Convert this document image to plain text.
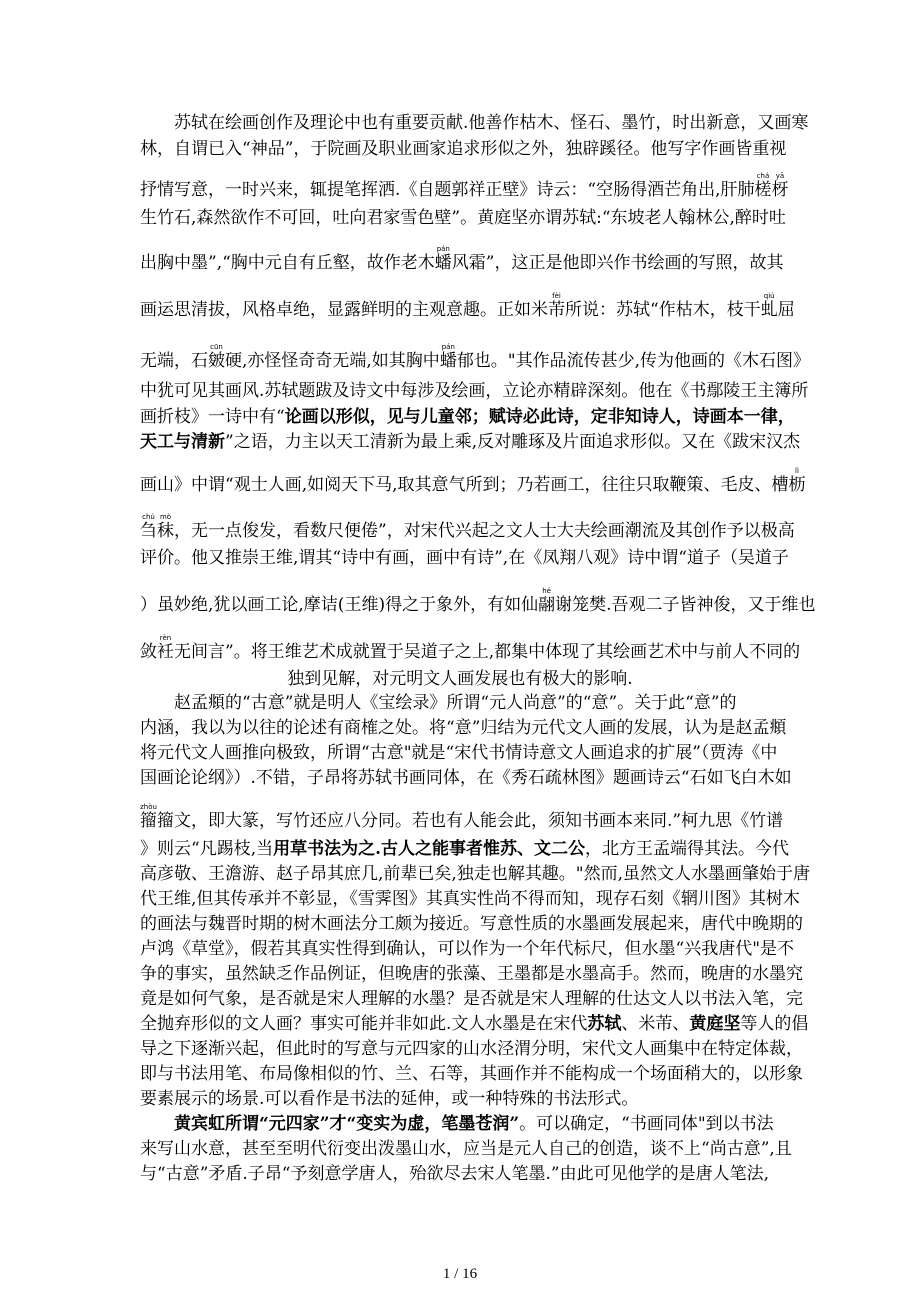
苏轼在绘画创作及理论中也有重要贡献.他善作枯木、怪石、墨竹，时出新意，又画寒
林，自谓已入“神品”，于院画及职业画家追求形似之外，独辟蹊径。他写字作画皆重视
抒情写意，一时兴来，辄提笔挥洒.《自题郭祥正壁》诗云：“空肠得酒芒角出,肝肺槎chá枒yā
生竹石,森然欲作不可回，吐向君家雪色壁”。黄庭坚亦谓苏轼:“东坡老人翰林公,醉时吐
出胸中墨”,“胸中元自有丘壑，故作老木蟠pán风霜”，这正是他即兴作书绘画的写照，故其
画运思清拔，风格卓绝，显露鲜明的主观意趣。正如米芾fèi所说：苏轼“作枯木，枝干虬qiú屈
无端，石皴cūn硬,亦怪怪奇奇无端,如其胸中蟠pán郁也。"其作品流传甚少,传为他画的《木石图》
中犹可见其画风.苏轼题跋及诗文中每涉及绘画，立论亦精辟深刻。他在《书鄢陵王主簿所
画折枝》一诗中有“论画以形似，见与儿童邻；赋诗必此诗，定非知诗人，诗画本一律，
天工与清新”之语，力主以天工清新为最上乘,反对雕琢及片面追求形似。又在《跋宋汉杰
画山》中谓“观士人画,如阅天下马,取其意气所到；乃若画工，往往只取鞭策、毛皮、槽枥lì
刍chú秣mò，无一点俊发，看数尺便倦”，对宋代兴起之文人士大夫绘画潮流及其创作予以极高
评价。他又推崇王维,谓其“诗中有画，画中有诗”,在《凤翔八观》诗中谓“道子（吴道子
）虽妙绝,犹以画工论,摩诘(王维)得之于象外，有如仙翮hé谢笼樊.吾观二子皆神俊，又于维也
敛衽rèn无间言”。将王维艺术成就置于吴道子之上,都集中体现了其绘画艺术中与前人不同的
独到见解，对元明文人画发展也有极大的影响.
赵孟頫的“古意”就是明人《宝绘录》所谓“元人尚意”的“意”。关于此“意”的
内涵，我以为以往的论述有商榷之处。将“意”归结为元代文人画的发展，认为是赵孟頫
将元代文人画推向极致，所谓“古意"就是“宋代书情诗意文人画追求的扩展”（贾涛《中
国画论论纲》）.不错，子昂将苏轼书画同体，在《秀石疏林图》题画诗云“石如飞白木如
籀zhòu籀文，即大篆，写竹还应八分同。若也有人能会此，须知书画本来同.”柯九思《竹谱
》则云“凡踢枝,当用草书法为之.古人之能事者惟苏、文二公，北方王孟端得其法。今代
高彦敬、王澹游、赵子昂其庶几,前辈已矣,独走也解其趣。"然而,虽然文人水墨画肇始于唐
代王维,但其传承并不彰显，《雪霁图》其真实性尚不得而知，现存石刻《辋川图》其树木
的画法与魏晋时期的树木画法分工颇为接近。写意性质的水墨画发展起来，唐代中晚期的
卢鸿《草堂》，假若其真实性得到确认，可以作为一个年代标尺，但水墨“兴我唐代"是不
争的事实，虽然缺乏作品例证，但晚唐的张藻、王墨都是水墨高手。然而，晚唐的水墨究
竟是如何气象，是否就是宋人理解的水墨？是否就是宋人理解的仕达文人以书法入笔，完
全抛弃形似的文人画？事实可能并非如此.文人水墨是在宋代苏轼、米芾、黄庭坚等人的倡
导之下逐渐兴起，但此时的写意与元四家的山水泾渭分明，宋代文人画集中在特定体裁，
即与书法用笔、布局像相似的竹、兰、石等，其画作并不能构成一个场面稍大的，以形象
要素展示的场景.可以看作是书法的延伸，或一种特殊的书法形式。
黄宾虹所谓“元四家”才“变实为虚，笔墨苍润”。可以确定，“书画同体"到以书法
来写山水意，甚至至明代衍变出泼墨山水，应当是元人自己的创造，谈不上“尚古意”,且
与“古意”矛盾.子昂“予刻意学唐人，殆欲尽去宋人笔墨.”由此可见他学的是唐人笔法,
1 / 16
